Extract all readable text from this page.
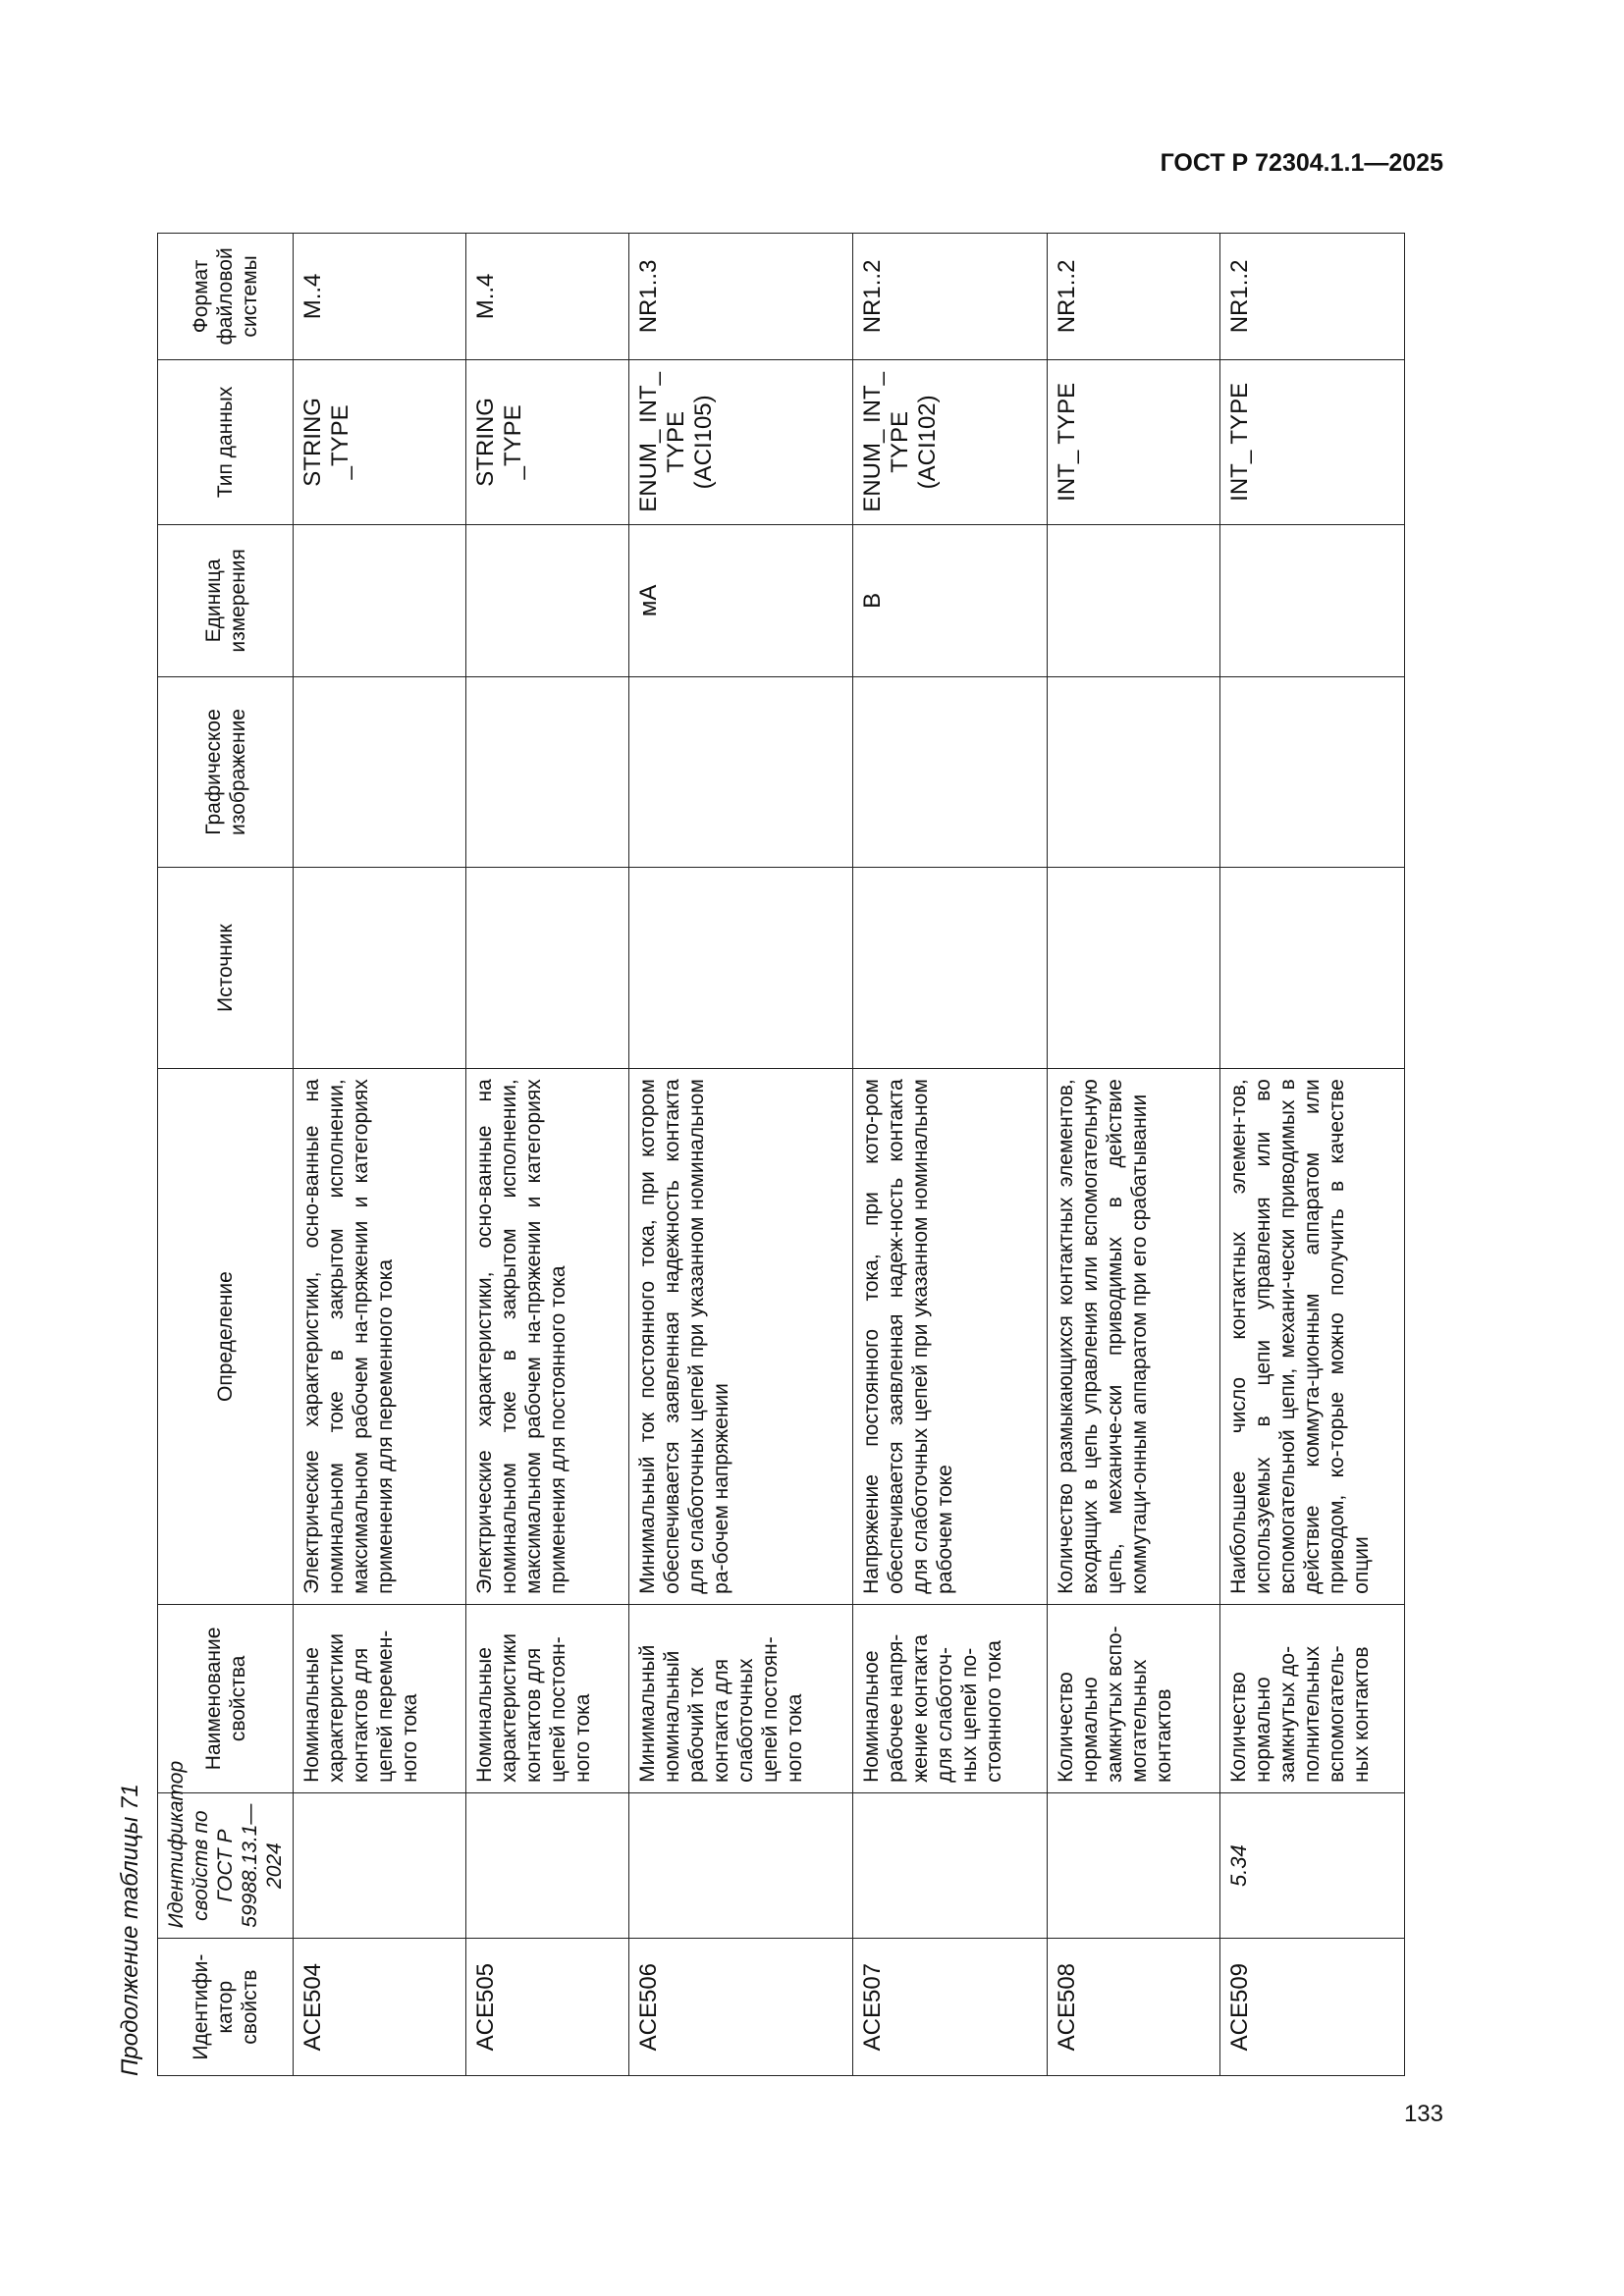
ГОСТ Р 72304.1.1—2025
Продолжение таблицы 71	Идентифи-катор свойств	Идентификатор свойств по ГОСТ Р 59988.13.1—2024	Наименование свойства	Определение	Источник	Графическое изображение	Единица измерения	Тип данных	Формат файловой системы
ACE504		Номинальные характеристики контактов для цепей перемен-ного тока	Электрические характеристики, осно-ванные на номинальном токе в закрытом исполнении, максимальном рабочем на-пряжении и категориях применения для переменного тока				STRING _TYPE	M..4
ACE505		Номинальные характеристики контактов для цепей постоян-ного тока	Электрические характеристики, осно-ванные на номинальном токе в закрытом исполнении, максимальном рабочем на-пряжении и категориях применения для постоянного тока				STRING _TYPE	M..4
ACE506		Минимальный номинальный рабочий ток контакта для слаботочных цепей постоян-ного тока	Минимальный ток постоянного тока, при котором обеспечивается заявленная надежность контакта для слаботочных цепей при указанном номинальном ра-бочем напряжении			мА	ENUM_ INT_ TYPE (ACI105)	NR1..3
ACE507		Номинальное рабочее напря-жение контакта для слаботоч-ных цепей по-стоянного тока	Напряжение постоянного тока, при кото-ром обеспечивается заявленная надеж-ность контакта для слаботочных цепей при указанном номинальном рабочем токе			В	ENUM_ INT_ TYPE (ACI102)	NR1..2
ACE508		Количество нормально замкнутых вспо-могательных контактов	Количество размыкающихся контактных элементов, входящих в цепь управления или вспомогательную цепь, механиче-ски приводимых в действие коммутаци-онным аппаратом при его срабатывании				INT_ TYPE	NR1..2
ACE509	5.34	Количество нормально замкнутых до-полнительных вспомогатель-ных контактов	Наибольшее число контактных элемен-тов, используемых в цепи управления или во вспомогательной цепи, механи-чески приводимых в действие коммута-ционным аппаратом или приводом, ко-торые можно получить в качестве опции				INT_ TYPE	NR1..2
133
